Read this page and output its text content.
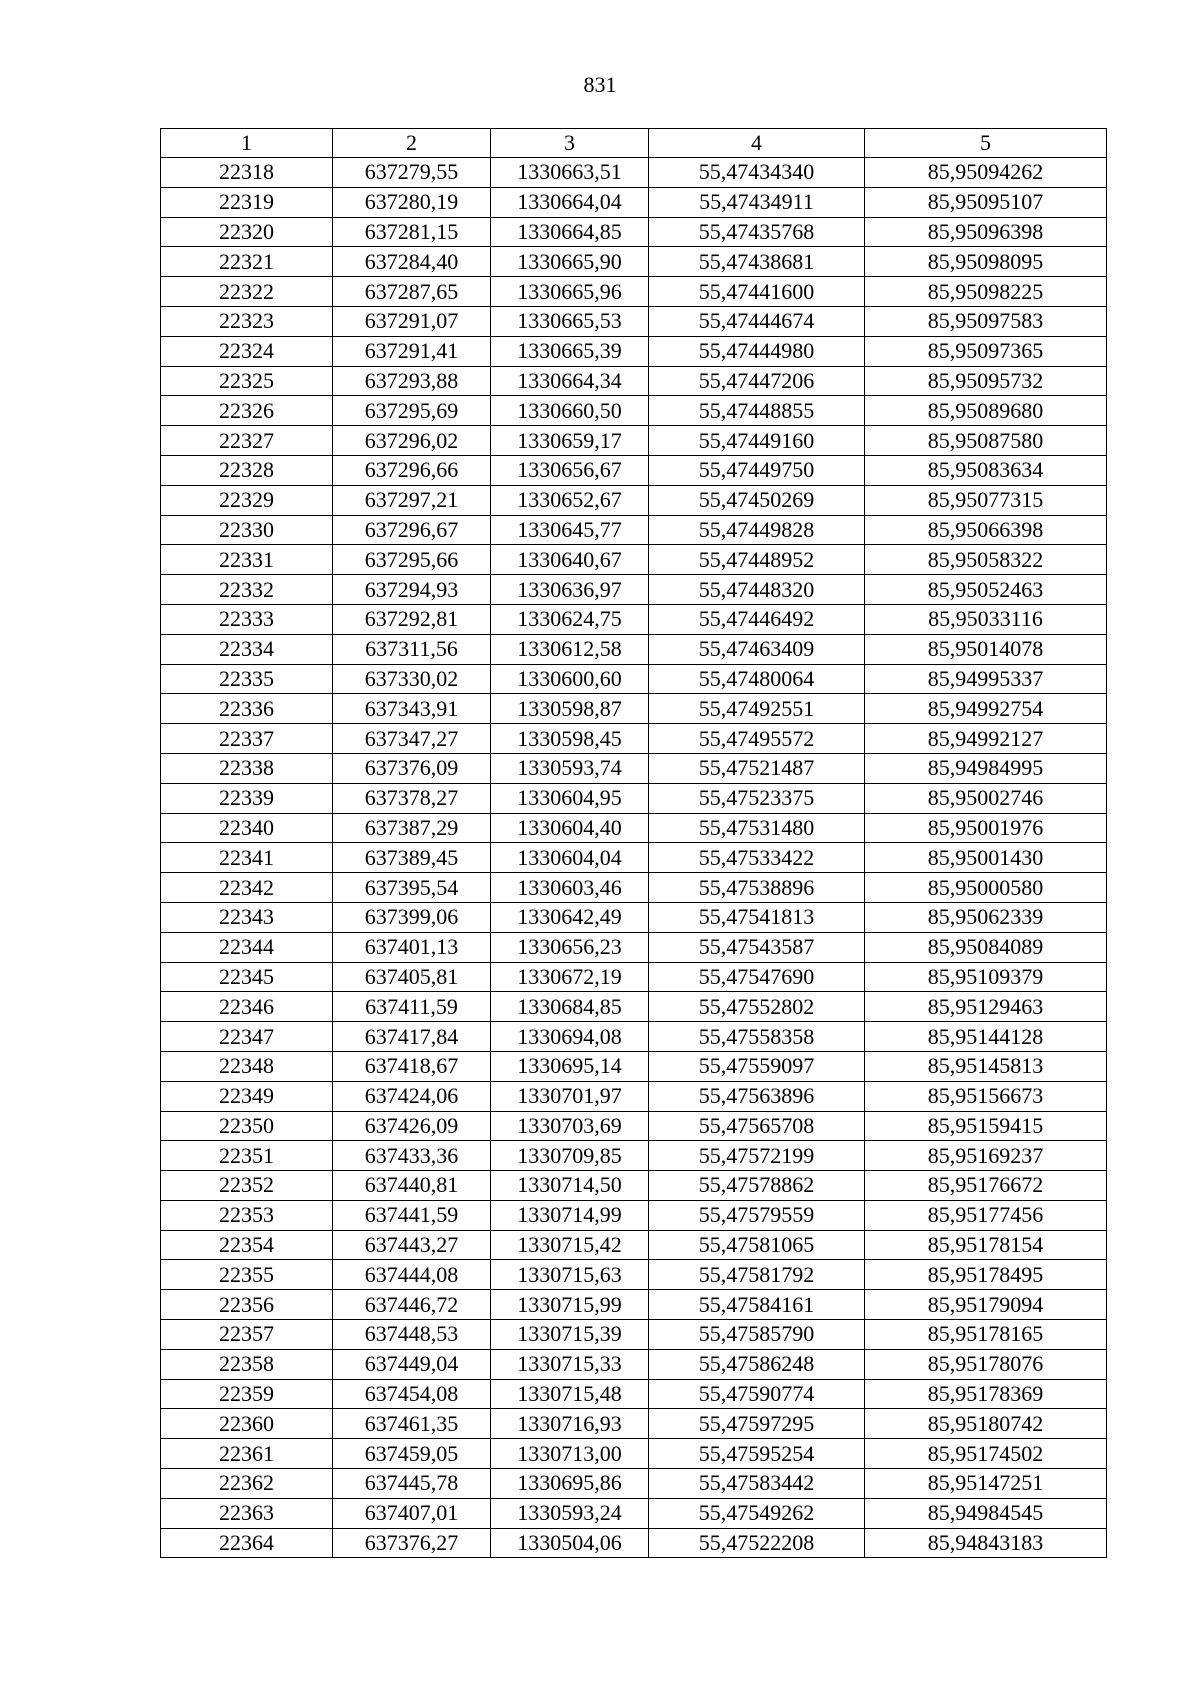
831
1	2	3	4	5
22318	637279,55	1330663,51	55,47434340	85,95094262
22319	637280,19	1330664,04	55,47434911	85,95095107
22320	637281,15	1330664,85	55,47435768	85,95096398
22321	637284,40	1330665,90	55,47438681	85,95098095
22322	637287,65	1330665,96	55,47441600	85,95098225
22323	637291,07	1330665,53	55,47444674	85,95097583
22324	637291,41	1330665,39	55,47444980	85,95097365
22325	637293,88	1330664,34	55,47447206	85,95095732
22326	637295,69	1330660,50	55,47448855	85,95089680
22327	637296,02	1330659,17	55,47449160	85,95087580
22328	637296,66	1330656,67	55,47449750	85,95083634
22329	637297,21	1330652,67	55,47450269	85,95077315
22330	637296,67	1330645,77	55,47449828	85,95066398
22331	637295,66	1330640,67	55,47448952	85,95058322
22332	637294,93	1330636,97	55,47448320	85,95052463
22333	637292,81	1330624,75	55,47446492	85,95033116
22334	637311,56	1330612,58	55,47463409	85,95014078
22335	637330,02	1330600,60	55,47480064	85,94995337
22336	637343,91	1330598,87	55,47492551	85,94992754
22337	637347,27	1330598,45	55,47495572	85,94992127
22338	637376,09	1330593,74	55,47521487	85,94984995
22339	637378,27	1330604,95	55,47523375	85,95002746
22340	637387,29	1330604,40	55,47531480	85,95001976
22341	637389,45	1330604,04	55,47533422	85,95001430
22342	637395,54	1330603,46	55,47538896	85,95000580
22343	637399,06	1330642,49	55,47541813	85,95062339
22344	637401,13	1330656,23	55,47543587	85,95084089
22345	637405,81	1330672,19	55,47547690	85,95109379
22346	637411,59	1330684,85	55,47552802	85,95129463
22347	637417,84	1330694,08	55,47558358	85,95144128
22348	637418,67	1330695,14	55,47559097	85,95145813
22349	637424,06	1330701,97	55,47563896	85,95156673
22350	637426,09	1330703,69	55,47565708	85,95159415
22351	637433,36	1330709,85	55,47572199	85,95169237
22352	637440,81	1330714,50	55,47578862	85,95176672
22353	637441,59	1330714,99	55,47579559	85,95177456
22354	637443,27	1330715,42	55,47581065	85,95178154
22355	637444,08	1330715,63	55,47581792	85,95178495
22356	637446,72	1330715,99	55,47584161	85,95179094
22357	637448,53	1330715,39	55,47585790	85,95178165
22358	637449,04	1330715,33	55,47586248	85,95178076
22359	637454,08	1330715,48	55,47590774	85,95178369
22360	637461,35	1330716,93	55,47597295	85,95180742
22361	637459,05	1330713,00	55,47595254	85,95174502
22362	637445,78	1330695,86	55,47583442	85,95147251
22363	637407,01	1330593,24	55,47549262	85,94984545
22364	637376,27	1330504,06	55,47522208	85,94843183
